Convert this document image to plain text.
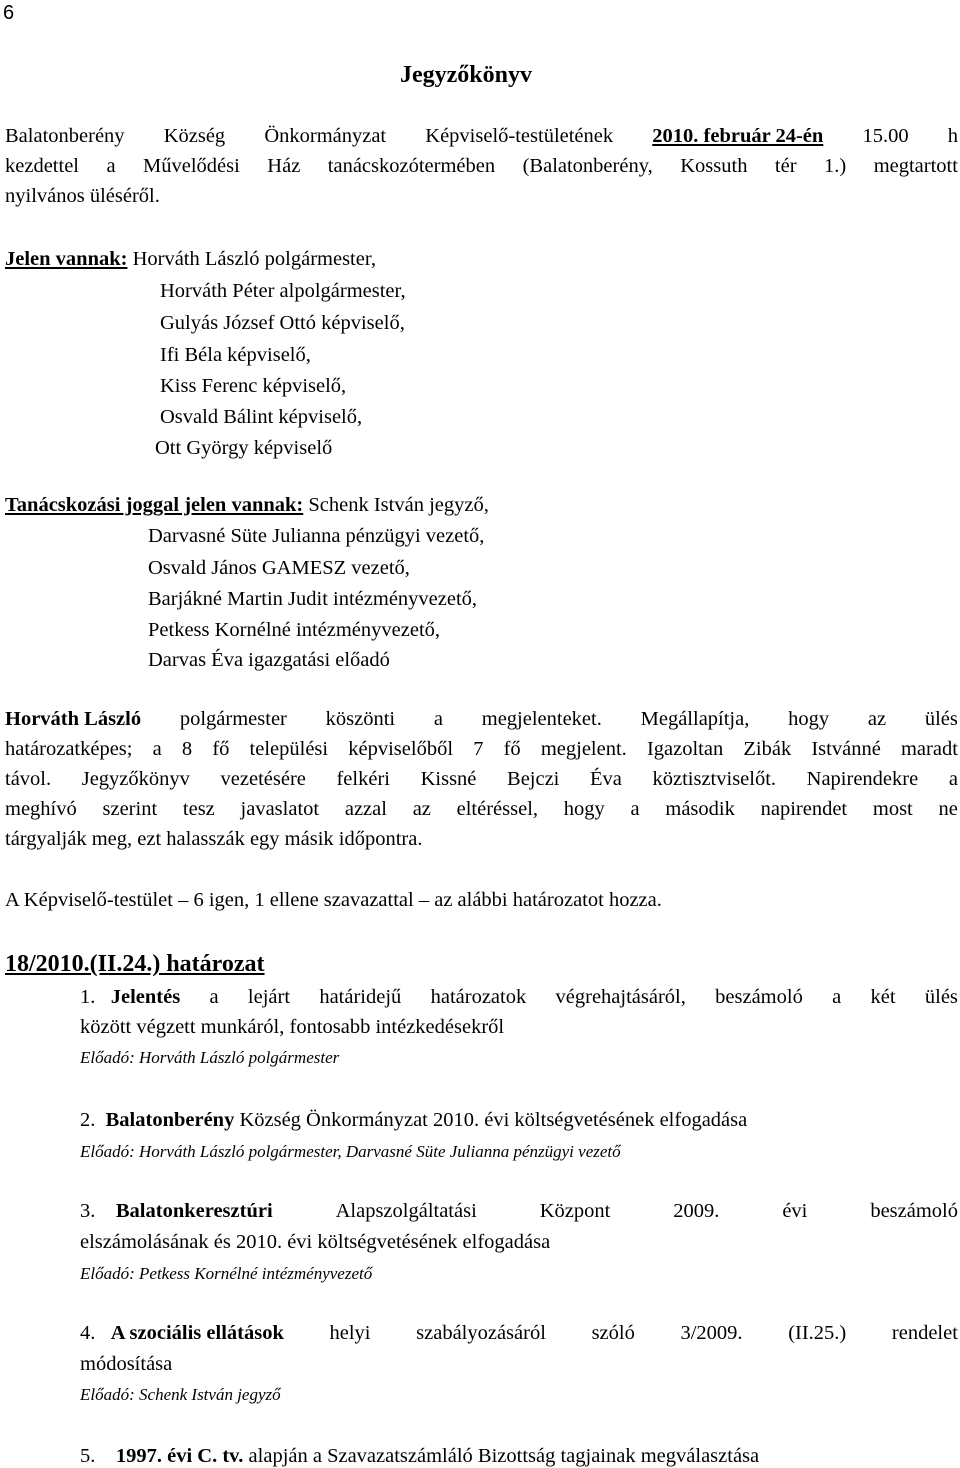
6
Jegyzőkönyv
Balatonberény Község Önkormányzat Képviselő-testületének 2010. február 24-én 15.00 h
kezdettel a Művelődési Ház tanácskozótermében (Balatonberény, Kossuth tér 1.) megtartott
nyilvános üléséről.
Jelen vannak: Horváth László polgármester,
Horváth Péter alpolgármester,
Gulyás József Ottó képviselő,
Ifi Béla képviselő,
Kiss Ferenc képviselő,
Osvald Bálint képviselő,
Ott György képviselő
Tanácskozási joggal jelen vannak: Schenk István jegyző,
Darvasné Süte Julianna pénzügyi vezető,
Osvald János GAMESZ vezető,
Barjákné Martin Judit intézményvezető,
Petkess Kornélné intézményvezető,
Darvas Éva igazgatási előadó
Horváth László polgármester köszönti a megjelenteket. Megállapítja, hogy az ülés
határozatképes; a 8 fő települési képviselőből 7 fő megjelent. Igazoltan Zibák Istvánné maradt
távol. Jegyzőkönyv vezetésére felkéri Kissné Bejczi Éva köztisztviselőt. Napirendekre a
meghívó szerint tesz javaslatot azzal az eltéréssel, hogy a második napirendet most ne
tárgyalják meg, ezt halasszák egy másik időpontra.
A Képviselő-testület – 6 igen, 1 ellene szavazattal – az alábbi határozatot hozza.
18/2010.(II.24.) határozat
1. Jelentés a lejárt határidejű határozatok végrehajtásáról, beszámoló a két ülés
között végzett munkáról, fontosabb intézkedésekről
Előadó: Horváth László polgármester
2. Balatonberény Község Önkormányzat 2010. évi költségvetésének elfogadása
Előadó: Horváth László polgármester, Darvasné Süte Julianna pénzügyi vezető
3. Balatonkeresztúri	Alapszolgáltatási	Központ	2009.	évi	beszámoló
elszámolásának és 2010. évi költségvetésének elfogadása
Előadó: Petkess Kornélné intézményvezető
4. A szociális ellátások helyi szabályozásáról szóló 3/2009. (II.25.) rendelet
módosítása
Előadó: Schenk István jegyző
5. 1997. évi C. tv. alapján a Szavazatszámláló Bizottság tagjainak megválasztása
